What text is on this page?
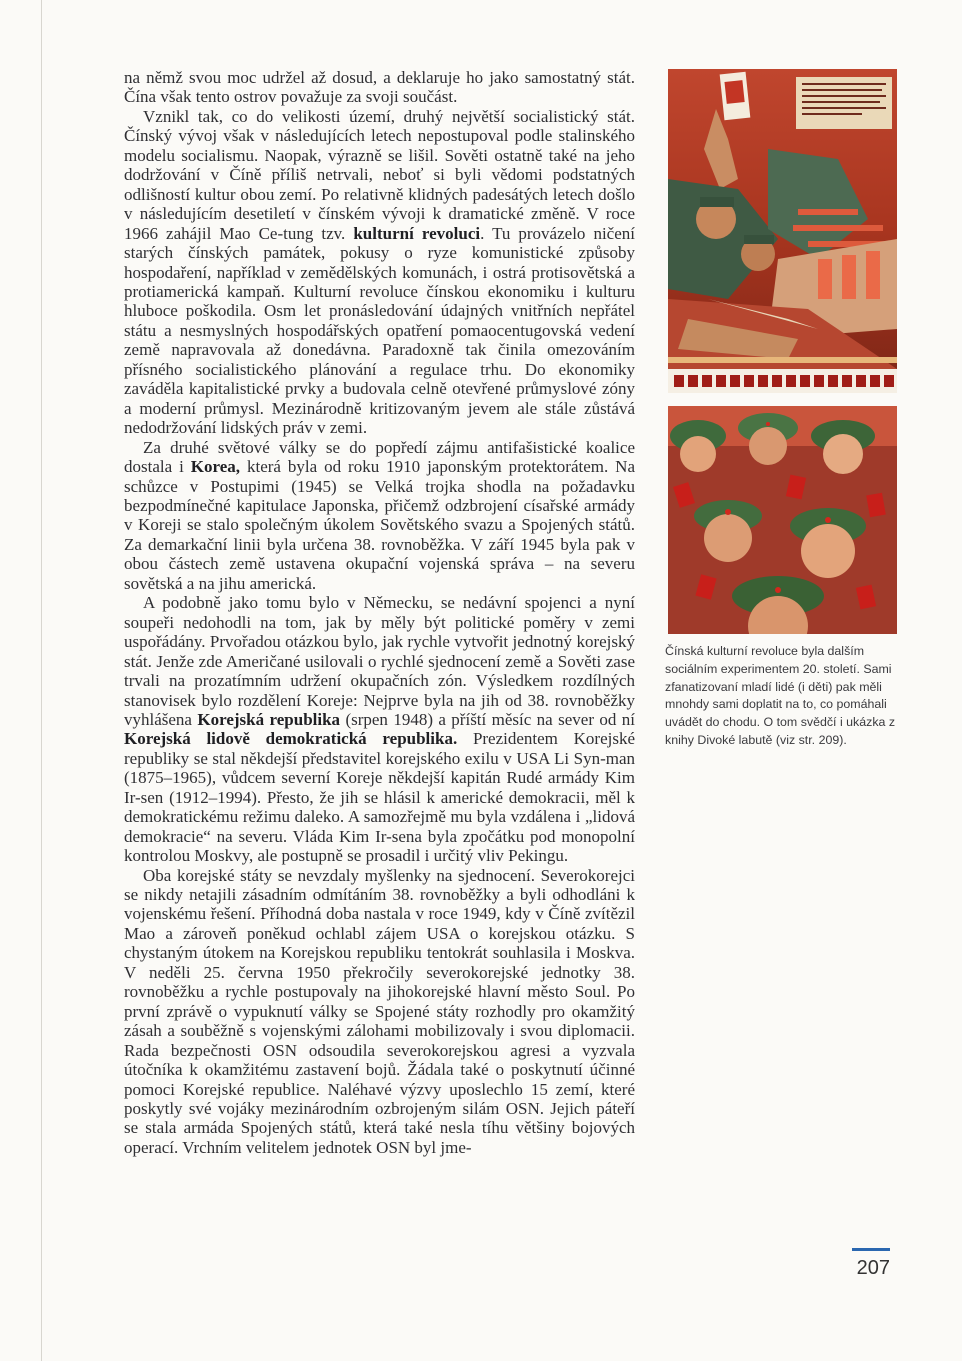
na němž svou moc udržel až dosud, a deklaruje ho jako samostatný stát. Čína však tento ostrov považuje za svoji součást.

Vznikl tak, co do velikosti území, druhý největší socialistický stát. Čínský vývoj však v následujících letech nepostupoval podle stalinského modelu socialismu. Naopak, výrazně se lišil. Sověti ostatně také na jeho dodržování v Číně příliš netrvali, neboť si byli vědomi podstatných odlišností kultur obou zemí. Po relativně klidných padesátých letech došlo v následujícím desetiletí v čínském vývoji k dramatické změně. V roce 1966 zahájil Mao Ce-tung tzv. kulturní revoluci. Tu provázelo ničení starých čínských památek, pokusy o ryze komunistické způsoby hospodaření, například v zemědělských komunách, i ostrá protisovětská a protiamerická kampaň. Kulturní revoluce čínskou ekonomiku i kulturu hluboce poškodila. Osm let pronásledování údajných vnitřních nepřátel státu a nesmyslných hospodářských opatření pomaocentugovská vedení země napravovala až donedávna. Paradoxně tak činila omezováním přísného socialistického plánování a regulace trhu. Do ekonomiky zaváděla kapitalistické prvky a budovala celně otevřené průmyslové zóny a moderní průmysl. Mezinárodně kritizovaným jevem ale stále zůstává nedodržování lidských práv v zemi.

Za druhé světové války se do popředí zájmu antifašistické koalice dostala i Korea, která byla od roku 1910 japonským protektorátem. Na schůzce v Postupimi (1945) se Velká trojka shodla na požadavku bezpodmínečné kapitulace Japonska, přičemž odzbrojení císařské armády v Koreji se stalo společným úkolem Sovětského svazu a Spojených států. Za demarkační linii byla určena 38. rovnoběžka. V září 1945 byla pak v obou částech země ustavena okupační vojenská správa – na severu sovětská a na jihu americká.

A podobně jako tomu bylo v Německu, se nedávní spojenci a nyní soupeři nedohodli na tom, jak by měly být politické poměry v zemi uspořádány. Prvořadou otázkou bylo, jak rychle vytvořit jednotný korejský stát. Jenže zde Američané usilovali o rychlé sjednocení země a Sověti zase trvali na prozatímním udržení okupačních zón. Výsledkem rozdílných stanovisek bylo rozdělení Koreje: Nejprve byla na jih od 38. rovnoběžky vyhlášena Korejská republika (srpen 1948) a příští měsíc na sever od ní Korejská lidově demokratická republika. Prezidentem Korejské republiky se stal někdejší představitel korejského exilu v USA Li Syn-man (1875–1965), vůdcem severní Koreje někdejší kapitán Rudé armády Kim Ir-sen (1912–1994). Přesto, že jih se hlásil k americké demokracii, měl k demokratickému režimu daleko. A samozřejmě mu byla vzdálena i „lidová demokracie“ na severu. Vláda Kim Ir-sena byla zpočátku pod monopolní kontrolou Moskvy, ale postupně se prosadil i určitý vliv Pekingu.

Oba korejské státy se nevzdaly myšlenky na sjednocení. Severokorejci se nikdy netajili zásadním odmítáním 38. rovnoběžky a byli odhodláni k vojenskému řešení. Příhodná doba nastala v roce 1949, kdy v Číně zvítězil Mao a zároveň poněkud ochlabl zájem USA o korejskou otázku. S chystaným útokem na Korejskou republiku tentokrát souhlasila i Moskva. V neděli 25. června 1950 překročily severokorejské jednotky 38. rovnoběžku a rychle postupovaly na jihokorejské hlavní město Soul. Po první zprávě o vypuknutí války se Spojené státy rozhodly pro okamžitý zásah a souběžně s vojenskými zálohami mobilizovaly i svou diplomacii. Rada bezpečnosti OSN odsoudila severokorejskou agresi a vyzvala útočníka k okamžitému zastavení bojů. Žádala také o poskytnutí účinné pomoci Korejské republice. Naléhavé výzvy uposlechlo 15 zemí, které poskytly své vojáky mezinárodním ozbrojeným silám OSN. Jejich páteří se stala armáda Spojených států, která také nesla tíhu většiny bojových operací. Vrchním velitelem jednotek OSN byl jme-

Čínská kulturní revoluce byla dalším sociálním experimentem 20. století. Sami zfanatizovaní mladí lidé (i děti) pak měli mnohdy sami doplatit na to, co pomáhali uvádět do chodu. O tom svědčí i ukázka z knihy Divoké labutě (viz str. 209).
207
